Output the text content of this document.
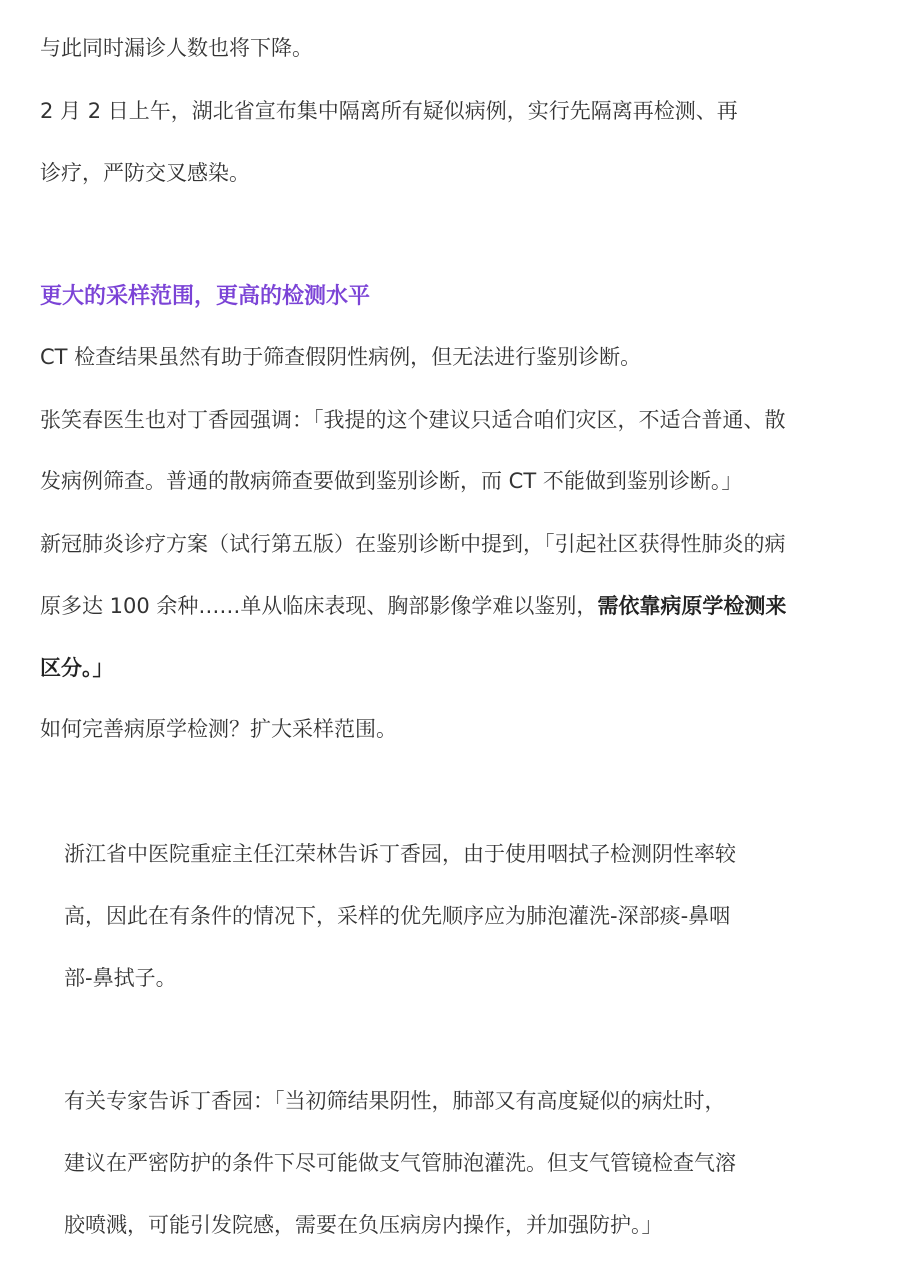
与此同时漏诊人数也将下降。
2 月 2 日上午，湖北省宣布集中隔离所有疑似病例，实行先隔离再检测、再
诊疗，严防交叉感染。
更大的采样范围，更高的检测水平
CT 检查结果虽然有助于筛查假阴性病例，但无法进行鉴别诊断。
张笑春医生也对丁香园强调：「我提的这个建议只适合咱们灾区，不适合普通、散
发病例筛查。普通的散病筛查要做到鉴别诊断，而 CT 不能做到鉴别诊断。」
新冠肺炎诊疗方案（试行第五版）在鉴别诊断中提到，「引起社区获得性肺炎的病
原多达 100 余种……单从临床表现、胸部影像学难以鉴别，需依靠病原学检测来
区分。」
如何完善病原学检测？扩大采样范围。
浙江省中医院重症主任江荣林告诉丁香园，由于使用咽拭子检测阴性率较
高，因此在有条件的情况下，采样的优先顺序应为肺泡灌洗-深部痰-鼻咽
部-鼻拭子。
有关专家告诉丁香园：「当初筛结果阴性，肺部又有高度疑似的病灶时，
建议在严密防护的条件下尽可能做支气管肺泡灌洗。但支气管镜检查气溶
胶喷溅，可能引发院感，需要在负压病房内操作，并加强防护。」
